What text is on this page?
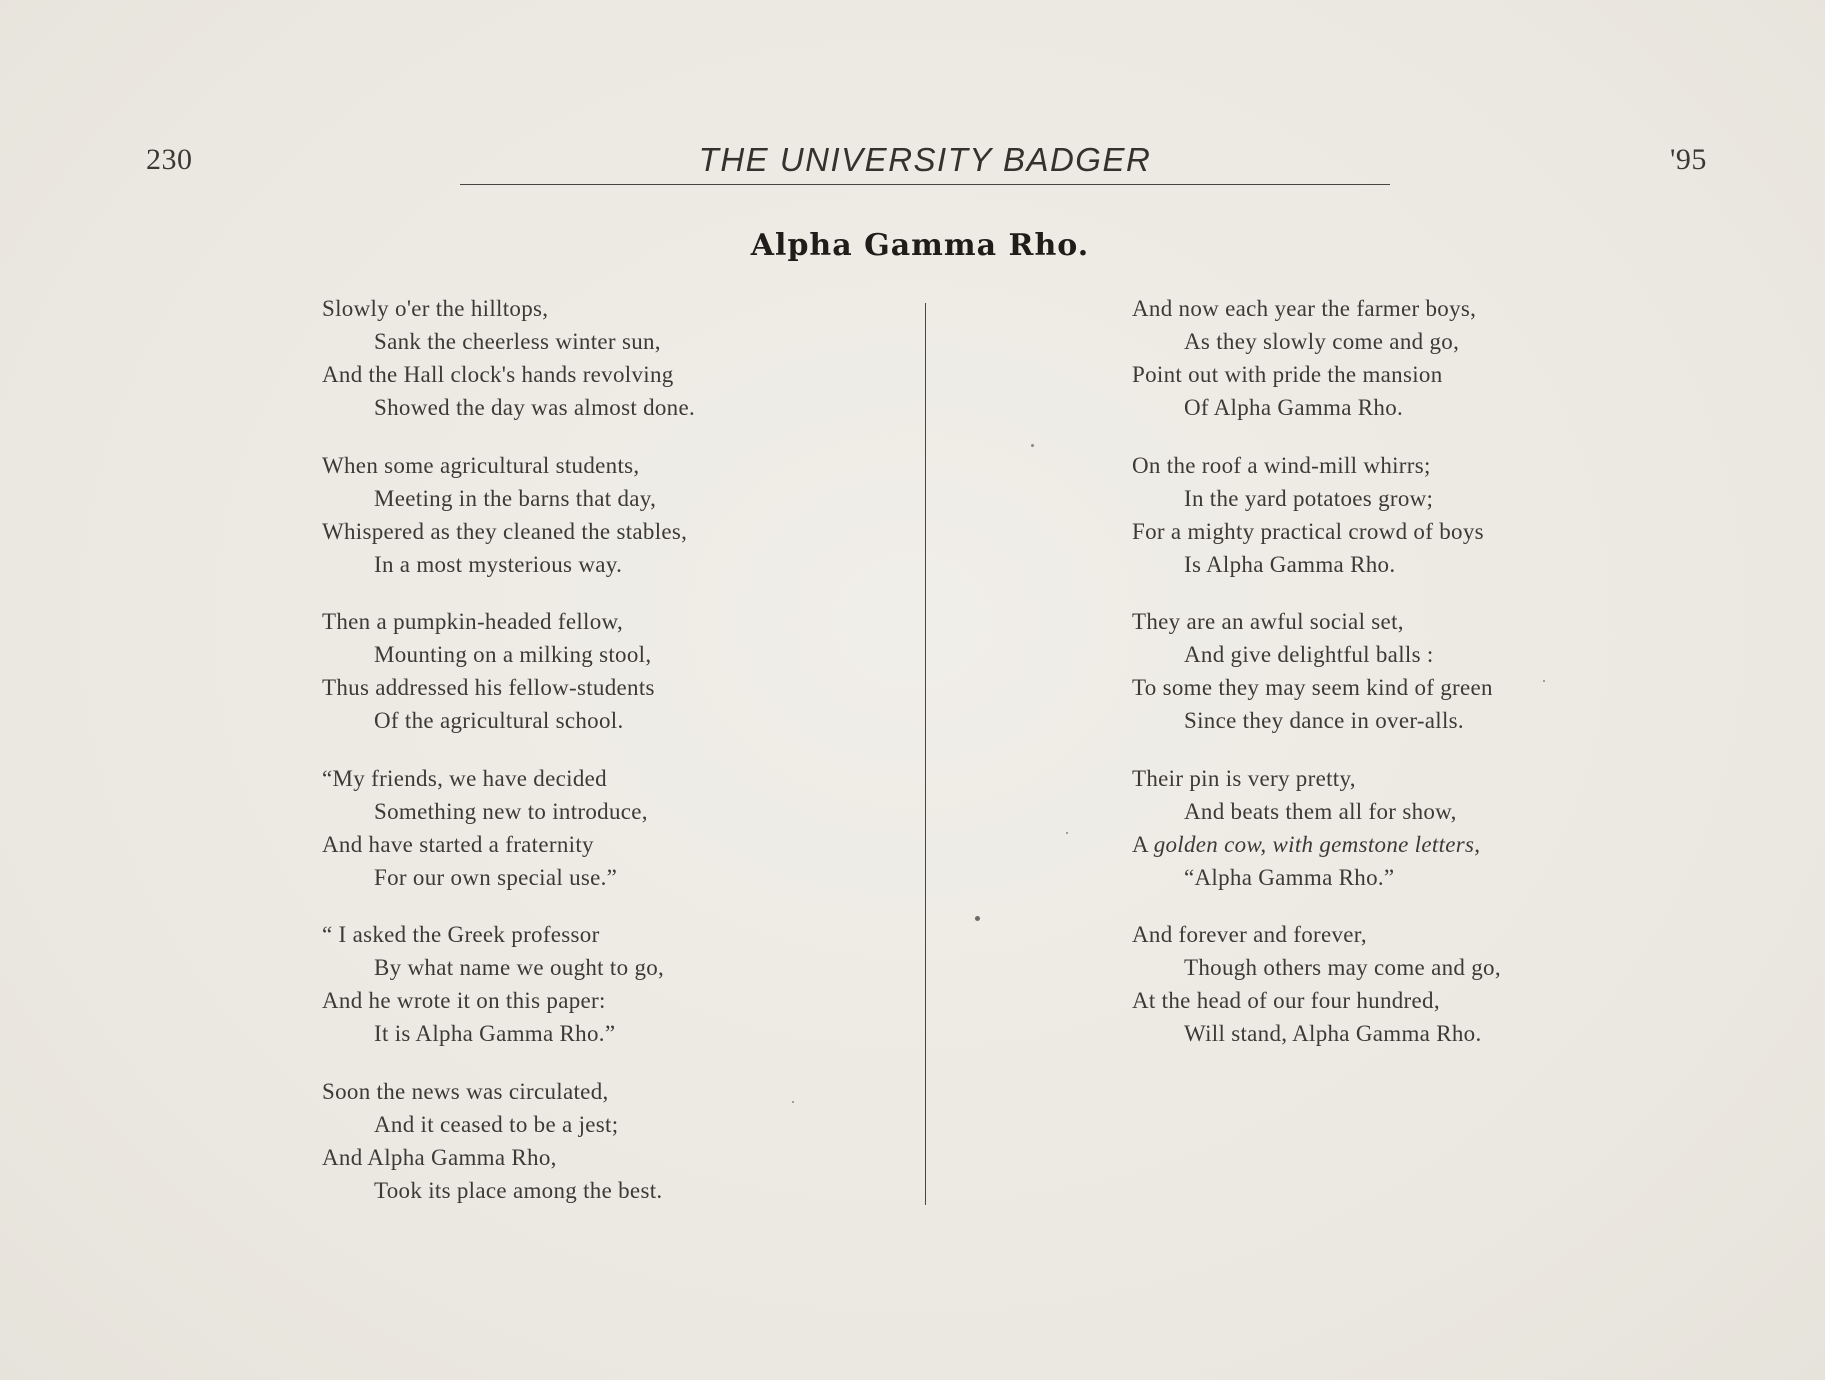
230	THE UNIVERSITY BADGER	'95
Alpha Gamma Rho.
Slowly o'er the hilltops,
Sank the cheerless winter sun,
And the Hall clock's hands revolving
Showed the day was almost done.
When some agricultural students,
Meeting in the barns that day,
Whispered as they cleaned the stables,
In a most mysterious way.
Then a pumpkin-headed fellow,
Mounting on a milking stool,
Thus addressed his fellow-students
Of the agricultural school.
“My friends, we have decided
Something new to introduce,
And have started a fraternity
For our own special use.”
“ I asked the Greek professor
By what name we ought to go,
And he wrote it on this paper:
It is Alpha Gamma Rho.”
Soon the news was circulated,
And it ceased to be a jest;
And Alpha Gamma Rho,
Took its place among the best.
And now each year the farmer boys,
As they slowly come and go,
Point out with pride the mansion
Of Alpha Gamma Rho.
On the roof a wind-mill whirrs;
In the yard potatoes grow;
For a mighty practical crowd of boys
Is Alpha Gamma Rho.
They are an awful social set,
And give delightful balls :
To some they may seem kind of green
Since they dance in over-alls.
Their pin is very pretty,
And beats them all for show,
A golden cow, with gemstone letters,
“Alpha Gamma Rho.”
And forever and forever,
Though others may come and go,
At the head of our four hundred,
Will stand, Alpha Gamma Rho.
